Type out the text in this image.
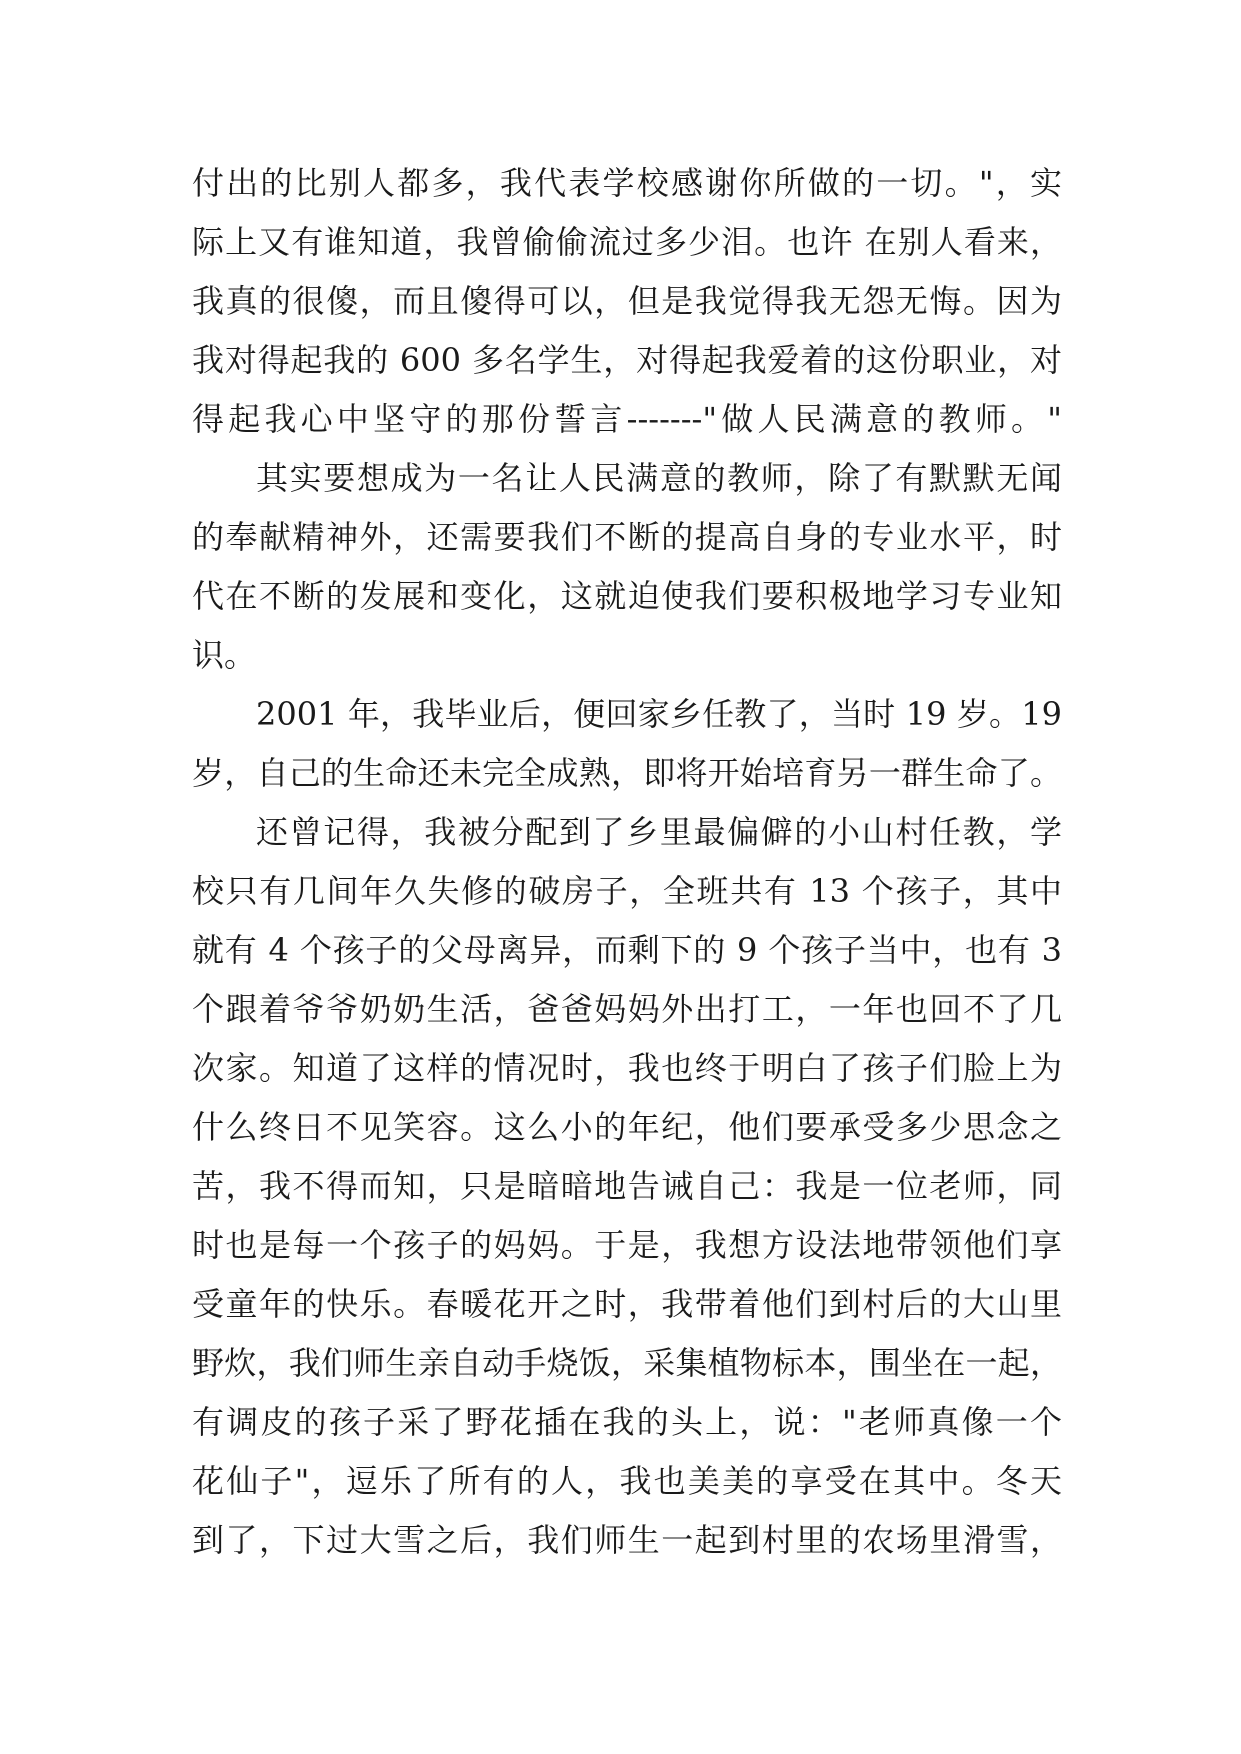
付出的比别人都多，我代表学校感谢你所做的一切。"，实
际上又有谁知道，我曾偷偷流过多少泪。也许 在别人看来，
我真的很傻，而且傻得可以，但是我觉得我无怨无悔。因为
我对得起我的 600 多名学生，对得起我爱着的这份职业，对
得起我心中坚守的那份誓言-------"做人民满意的教师。"
其实要想成为一名让人民满意的教师，除了有默默无闻
的奉献精神外，还需要我们不断的提高自身的专业水平，时
代在不断的发展和变化，这就迫使我们要积极地学习专业知
识。
2001 年，我毕业后，便回家乡任教了，当时 19 岁。19
岁，自己的生命还未完全成熟，即将开始培育另一群生命了。
还曾记得，我被分配到了乡里最偏僻的小山村任教，学
校只有几间年久失修的破房子，全班共有 13 个孩子，其中
就有 4 个孩子的父母离异，而剩下的 9 个孩子当中，也有 3
个跟着爷爷奶奶生活，爸爸妈妈外出打工，一年也回不了几
次家。知道了这样的情况时，我也终于明白了孩子们脸上为
什么终日不见笑容。这么小的年纪，他们要承受多少思念之
苦，我不得而知，只是暗暗地告诫自己：我是一位老师，同
时也是每一个孩子的妈妈。于是，我想方设法地带领他们享
受童年的快乐。春暖花开之时，我带着他们到村后的大山里
野炊，我们师生亲自动手烧饭，采集植物标本，围坐在一起，
有调皮的孩子采了野花插在我的头上，说："老师真像一个
花仙子"，逗乐了所有的人，我也美美的享受在其中。冬天
到了，下过大雪之后，我们师生一起到村里的农场里滑雪，
